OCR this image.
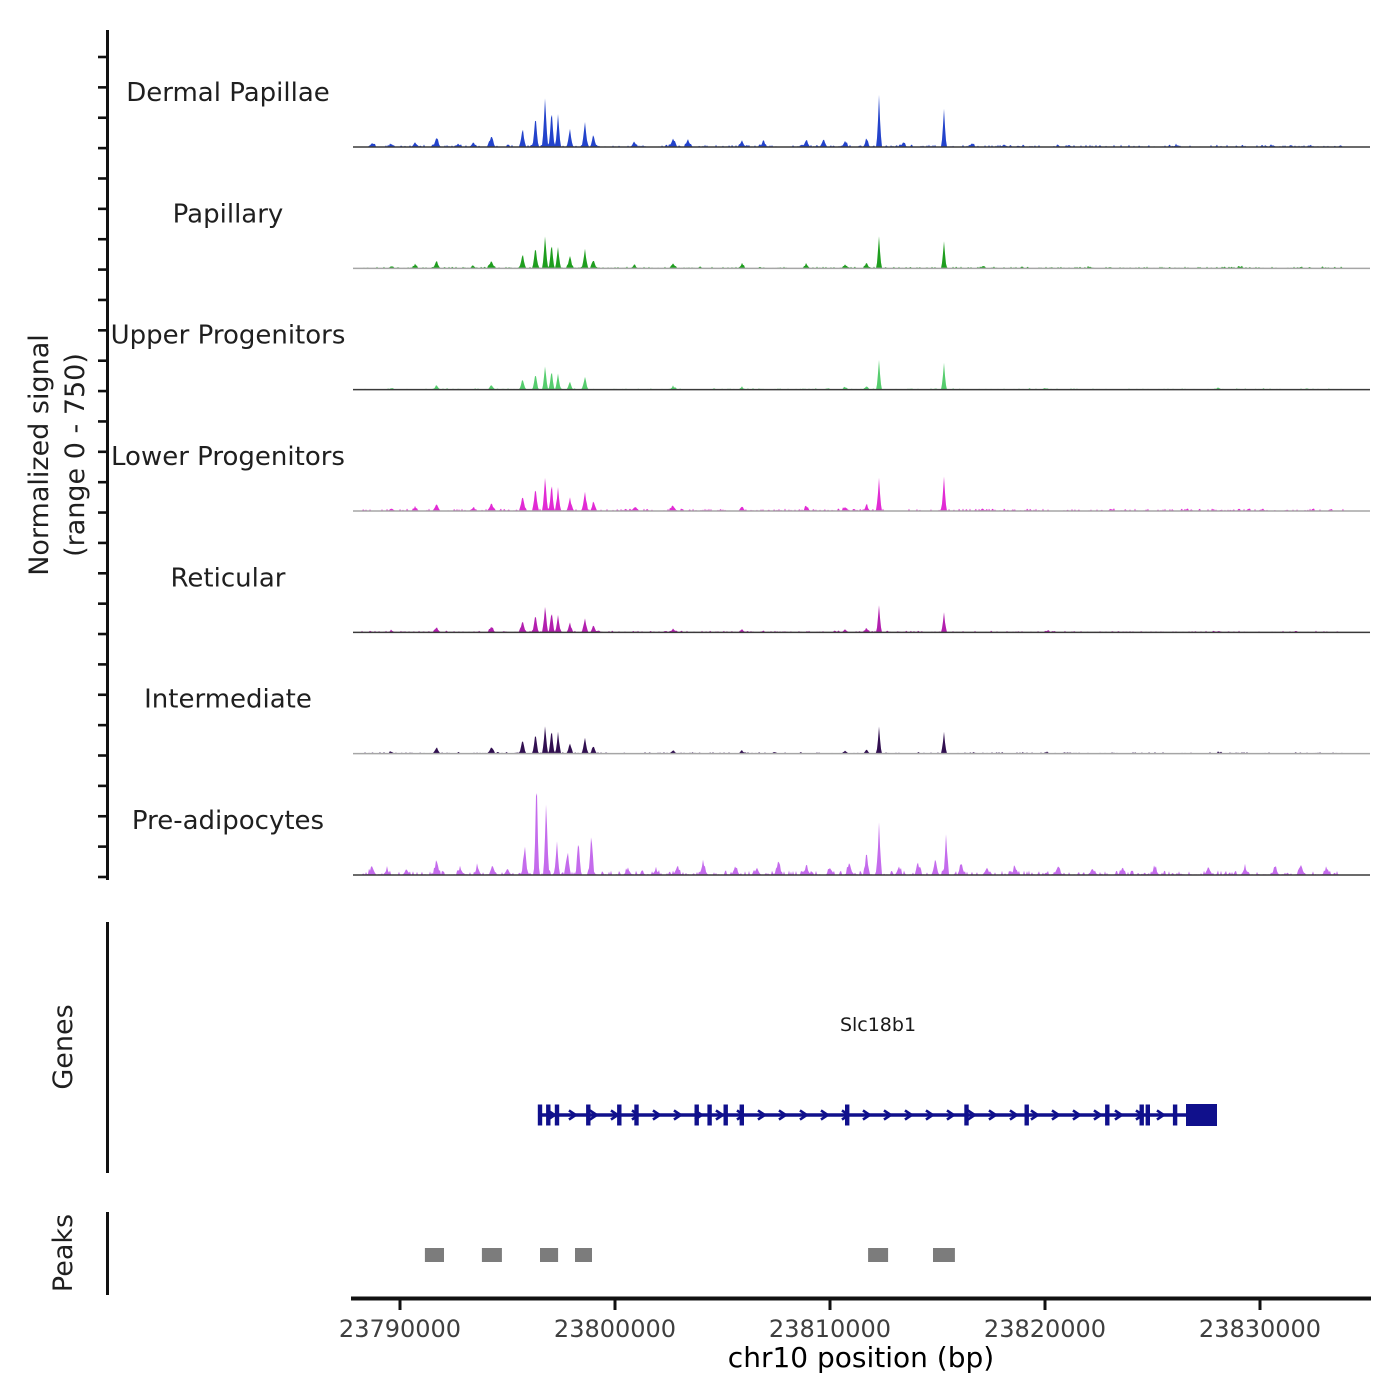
Normalized signal (range 0 - 750)
Dermal Papillae
Papillary
Upper Progenitors
Lower Progenitors
Reticular
Intermediate
Pre-adipocytes
Genes	Slc18b1
Peaks
23790000	23800000	23810000	23820000	23830000
chr10 position (bp)
